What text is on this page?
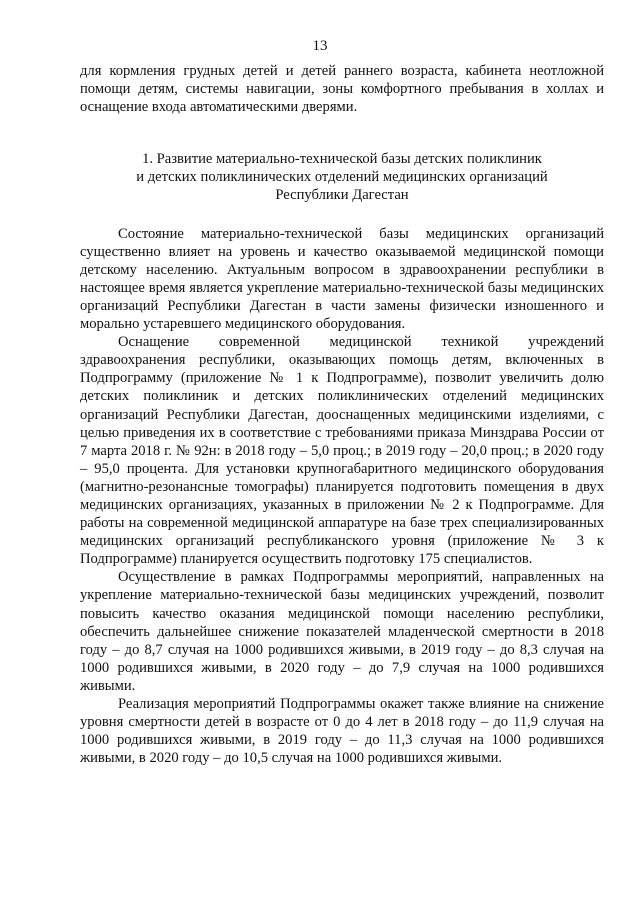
13

для кормления грудных детей и детей раннего возраста, кабинета неотложной помощи детям, системы навигации, зоны комфортного пребывания в холлах и оснащение входа автоматическими дверями.

1. Развитие материально-технической базы детских поликлиник
и детских поликлинических отделений медицинских организаций
Республики Дагестан

Состояние материально-технической базы медицинских организаций существенно влияет на уровень и качество оказываемой медицинской помощи детскому населению. Актуальным вопросом в здравоохранении республики в настоящее время является укрепление материально-технической базы медицинских организаций Республики Дагестан в части замены физически изношенного и морально устаревшего медицинского оборудования.

Оснащение современной медицинской техникой учреждений здравоохранения республики, оказывающих помощь детям, включенных в Подпрограмму (приложение № 1 к Подпрограмме), позволит увеличить долю детских поликлиник и детских поликлинических отделений медицинских организаций Республики Дагестан, дооснащенных медицинскими изделиями, с целью приведения их в соответствие с требованиями приказа Минздрава России от 7 марта 2018 г. № 92н: в 2018 году – 5,0 проц.; в 2019 году – 20,0 проц.; в 2020 году – 95,0 процента. Для установки крупногабаритного медицинского оборудования (магнитно-резонансные томографы) планируется подготовить помещения в двух медицинских организациях, указанных в приложении № 2 к Подпрограмме. Для работы на современной медицинской аппаратуре на базе трех специализированных медицинских организаций республиканского уровня (приложение № 3 к Подпрограмме) планируется осуществить подготовку 175 специалистов.

Осуществление в рамках Подпрограммы мероприятий, направленных на укрепление материально-технической базы медицинских учреждений, позволит повысить качество оказания медицинской помощи населению республики, обеспечить дальнейшее снижение показателей младенческой смертности в 2018 году – до 8,7 случая на 1000 родившихся живыми, в 2019 году – до 8,3 случая на 1000 родившихся живыми, в 2020 году – до 7,9 случая на 1000 родившихся живыми.

Реализация мероприятий Подпрограммы окажет также влияние на снижение уровня смертности детей в возрасте от 0 до 4 лет в 2018 году – до 11,9 случая на 1000 родившихся живыми, в 2019 году – до 11,3 случая на 1000 родившихся живыми, в 2020 году – до 10,5 случая на 1000 родившихся живыми.
